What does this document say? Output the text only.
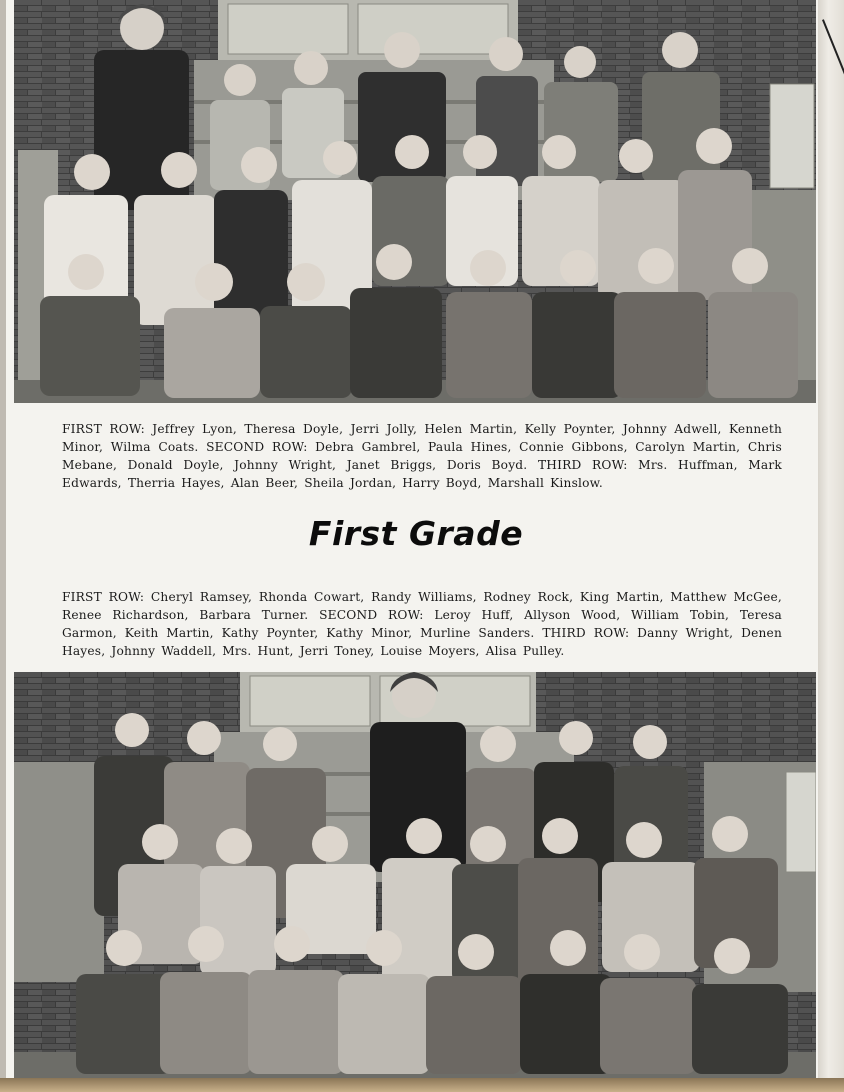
FIRST ROW: Jeffrey Lyon, Theresa Doyle, Jerri Jolly, Helen Martin, Kelly Poynter, Johnny Adwell, Kenneth Minor, Wilma Coats. SECOND ROW: Debra Gambrel, Paula Hines, Connie Gibbons, Carolyn Martin, Chris Mebane, Donald Doyle, Johnny Wright, Janet Briggs, Doris Boyd. THIRD ROW: Mrs. Huffman, Mark Edwards, Therria Hayes, Alan Beer, Sheila Jordan, Harry Boyd, Marshall Kinslow.
First Grade
FIRST ROW: Cheryl Ramsey, Rhonda Cowart, Randy Williams, Rodney Rock, King Martin, Matthew McGee, Renee Richardson, Barbara Turner. SECOND ROW: Leroy Huff, Allyson Wood, William Tobin, Teresa Garmon, Keith Martin, Kathy Poynter, Kathy Minor, Murline Sanders. THIRD ROW: Danny Wright, Denen Hayes, Johnny Waddell, Mrs. Hunt, Jerri Toney, Louise Moyers, Alisa Pulley.
